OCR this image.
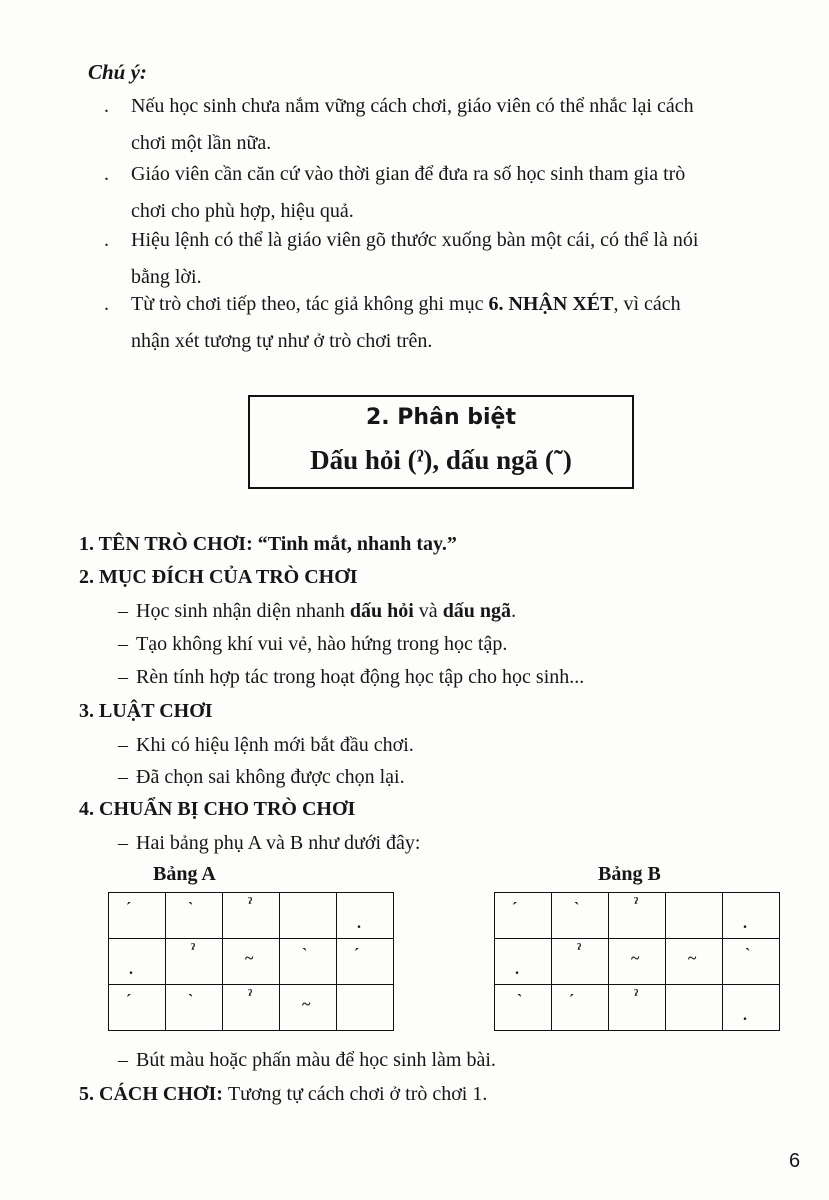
Chú ý:
.	Nếu học sinh chưa nắm vững cách chơi, giáo viên có thể nhắc lại cách
chơi một lần nữa.
.	Giáo viên cần căn cứ vào thời gian để đưa ra số học sinh tham gia trò
chơi cho phù hợp, hiệu quả.
.	Hiệu lệnh có thể là giáo viên gõ thước xuống bàn một cái, có thể là nói
bằng lời.
.	Từ trò chơi tiếp theo, tác giả không ghi mục 6. NHẬN XÉT, vì cách
nhận xét tương tự như ở trò chơi trên.
2. Phân biệt
Dấu hỏi (ˀ), dấu ngã (˜)
1. TÊN TRÒ CHƠI: “Tinh mắt, nhanh tay.”
2. MỤC ĐÍCH CỦA TRÒ CHƠI
– Học sinh nhận diện nhanh dấu hỏi và dấu ngã.
– Tạo không khí vui vẻ, hào hứng trong học tập.
– Rèn tính hợp tác trong hoạt động học tập cho học sinh...
3. LUẬT CHƠI
– Khi có hiệu lệnh mới bắt đầu chơi.
– Đã chọn sai không được chọn lại.
4. CHUẨN BỊ CHO TRÒ CHƠI
– Hai bảng phụ A và B như dưới đây:
Bảng A
´	`	ˀ		.

.	ˀ	~	`	´

´	`	ˀ	~	

Bảng B
´	`	ˀ		.

.	ˀ	~	~	`

`	´	ˀ		.
– Bút màu hoặc phấn màu để học sinh làm bài.
5. CÁCH CHƠI: Tương tự cách chơi ở trò chơi 1.
6
